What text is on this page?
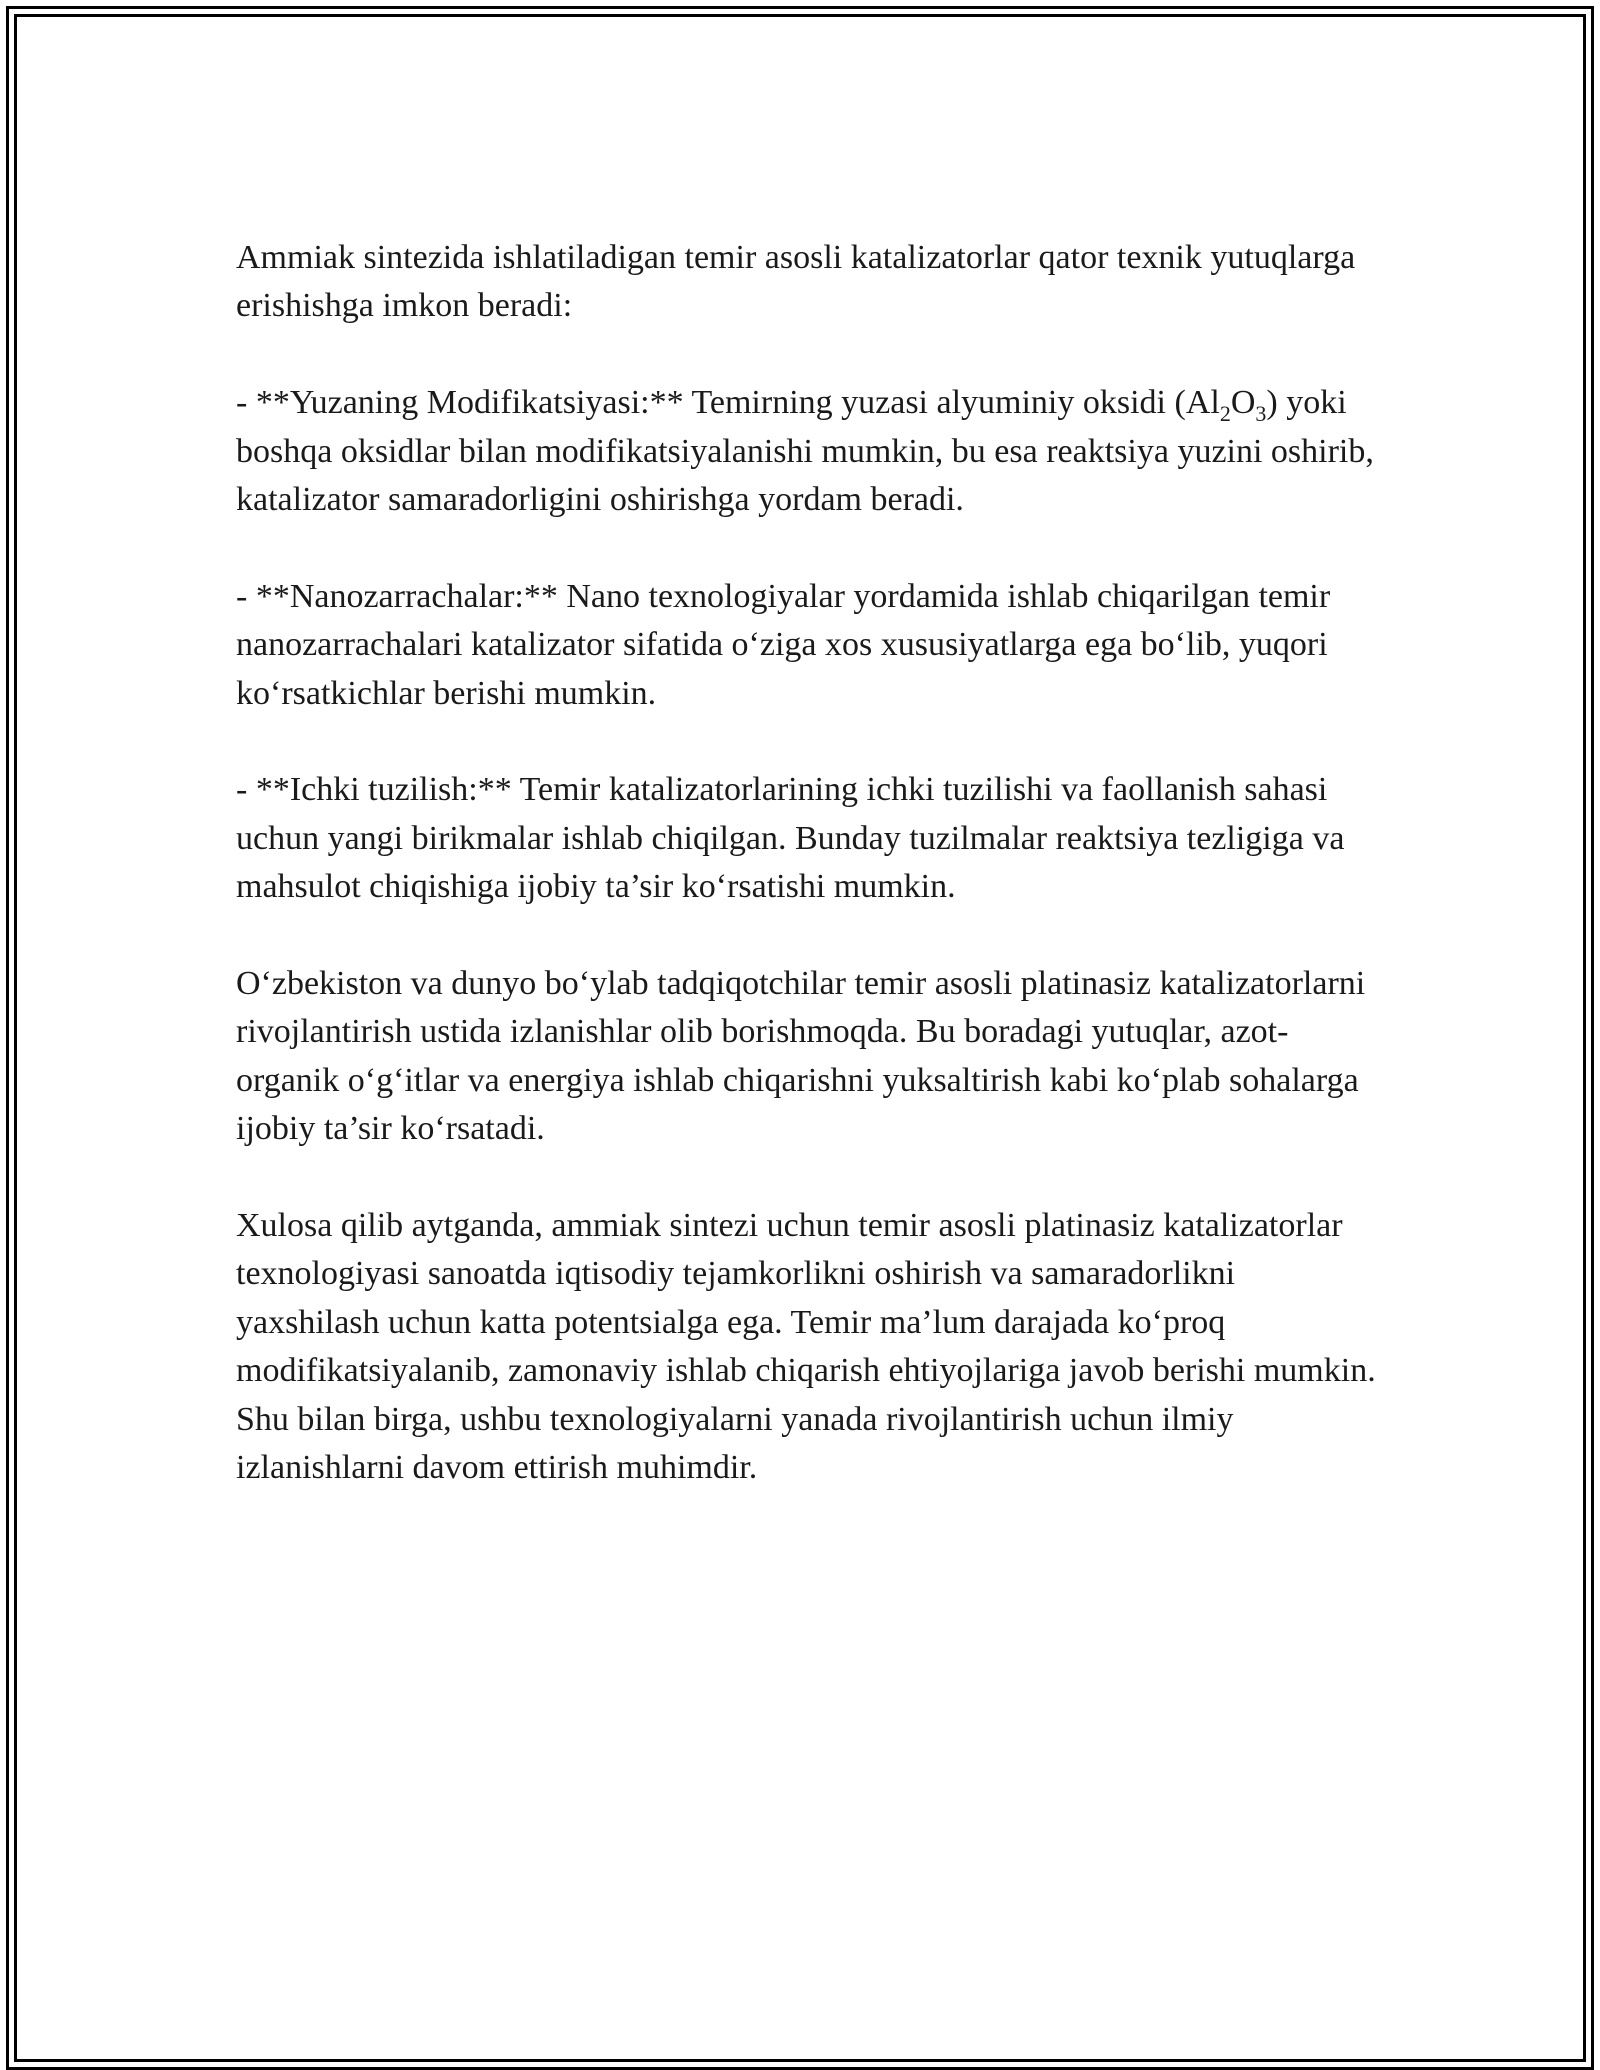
Ammiak sintezida ishlatiladigan temir asosli katalizatorlar qator texnik yutuqlarga erishishga imkon beradi:

- **Yuzaning Modifikatsiyasi:** Temirning yuzasi alyuminiy oksidi $(Al_2O_3)$ yoki boshqa oksidlar bilan modifikatsiyalanishi mumkin, bu esa reaktsiya yuzini oshirib, katalizator samaradorligini oshirishga yordam beradi.

- **Nanozarrachalar:** Nano texnologiyalar yordamida ishlab chiqarilgan temir nanozarrachalari katalizator sifatida o‘ziga xos xususiyatlarga ega bo‘lib, yuqori ko‘rsatkichlar berishi mumkin.

- **Ichki tuzilish:** Temir katalizatorlarining ichki tuzilishi va faollanish sahasi uchun yangi birikmalar ishlab chiqilgan. Bunday tuzilmalar reaktsiya tezligiga va mahsulot chiqishiga ijobiy ta’sir ko‘rsatishi mumkin.

O‘zbekiston va dunyo bo‘ylab tadqiqotchilar temir asosli platinasiz katalizatorlarni rivojlantirish ustida izlanishlar olib borishmoqda. Bu boradagi yutuqlar, azot-organik o‘g‘itlar va energiya ishlab chiqarishni yuksaltirish kabi ko‘plab sohalarga ijobiy ta’sir ko‘rsatadi.

Xulosa qilib aytganda, ammiak sintezi uchun temir asosli platinasiz katalizatorlar texnologiyasi sanoatda iqtisodiy tejamkorlikni oshirish va samaradorlikni yaxshilash uchun katta potentsialga ega. Temir ma’lum darajada ko‘proq modifikatsiyalanib, zamonaviy ishlab chiqarish ehtiyojlariga javob berishi mumkin. Shu bilan birga, ushbu texnologiyalarni yanada rivojlantirish uchun ilmiy izlanishlarni davom ettirish muhimdir.
